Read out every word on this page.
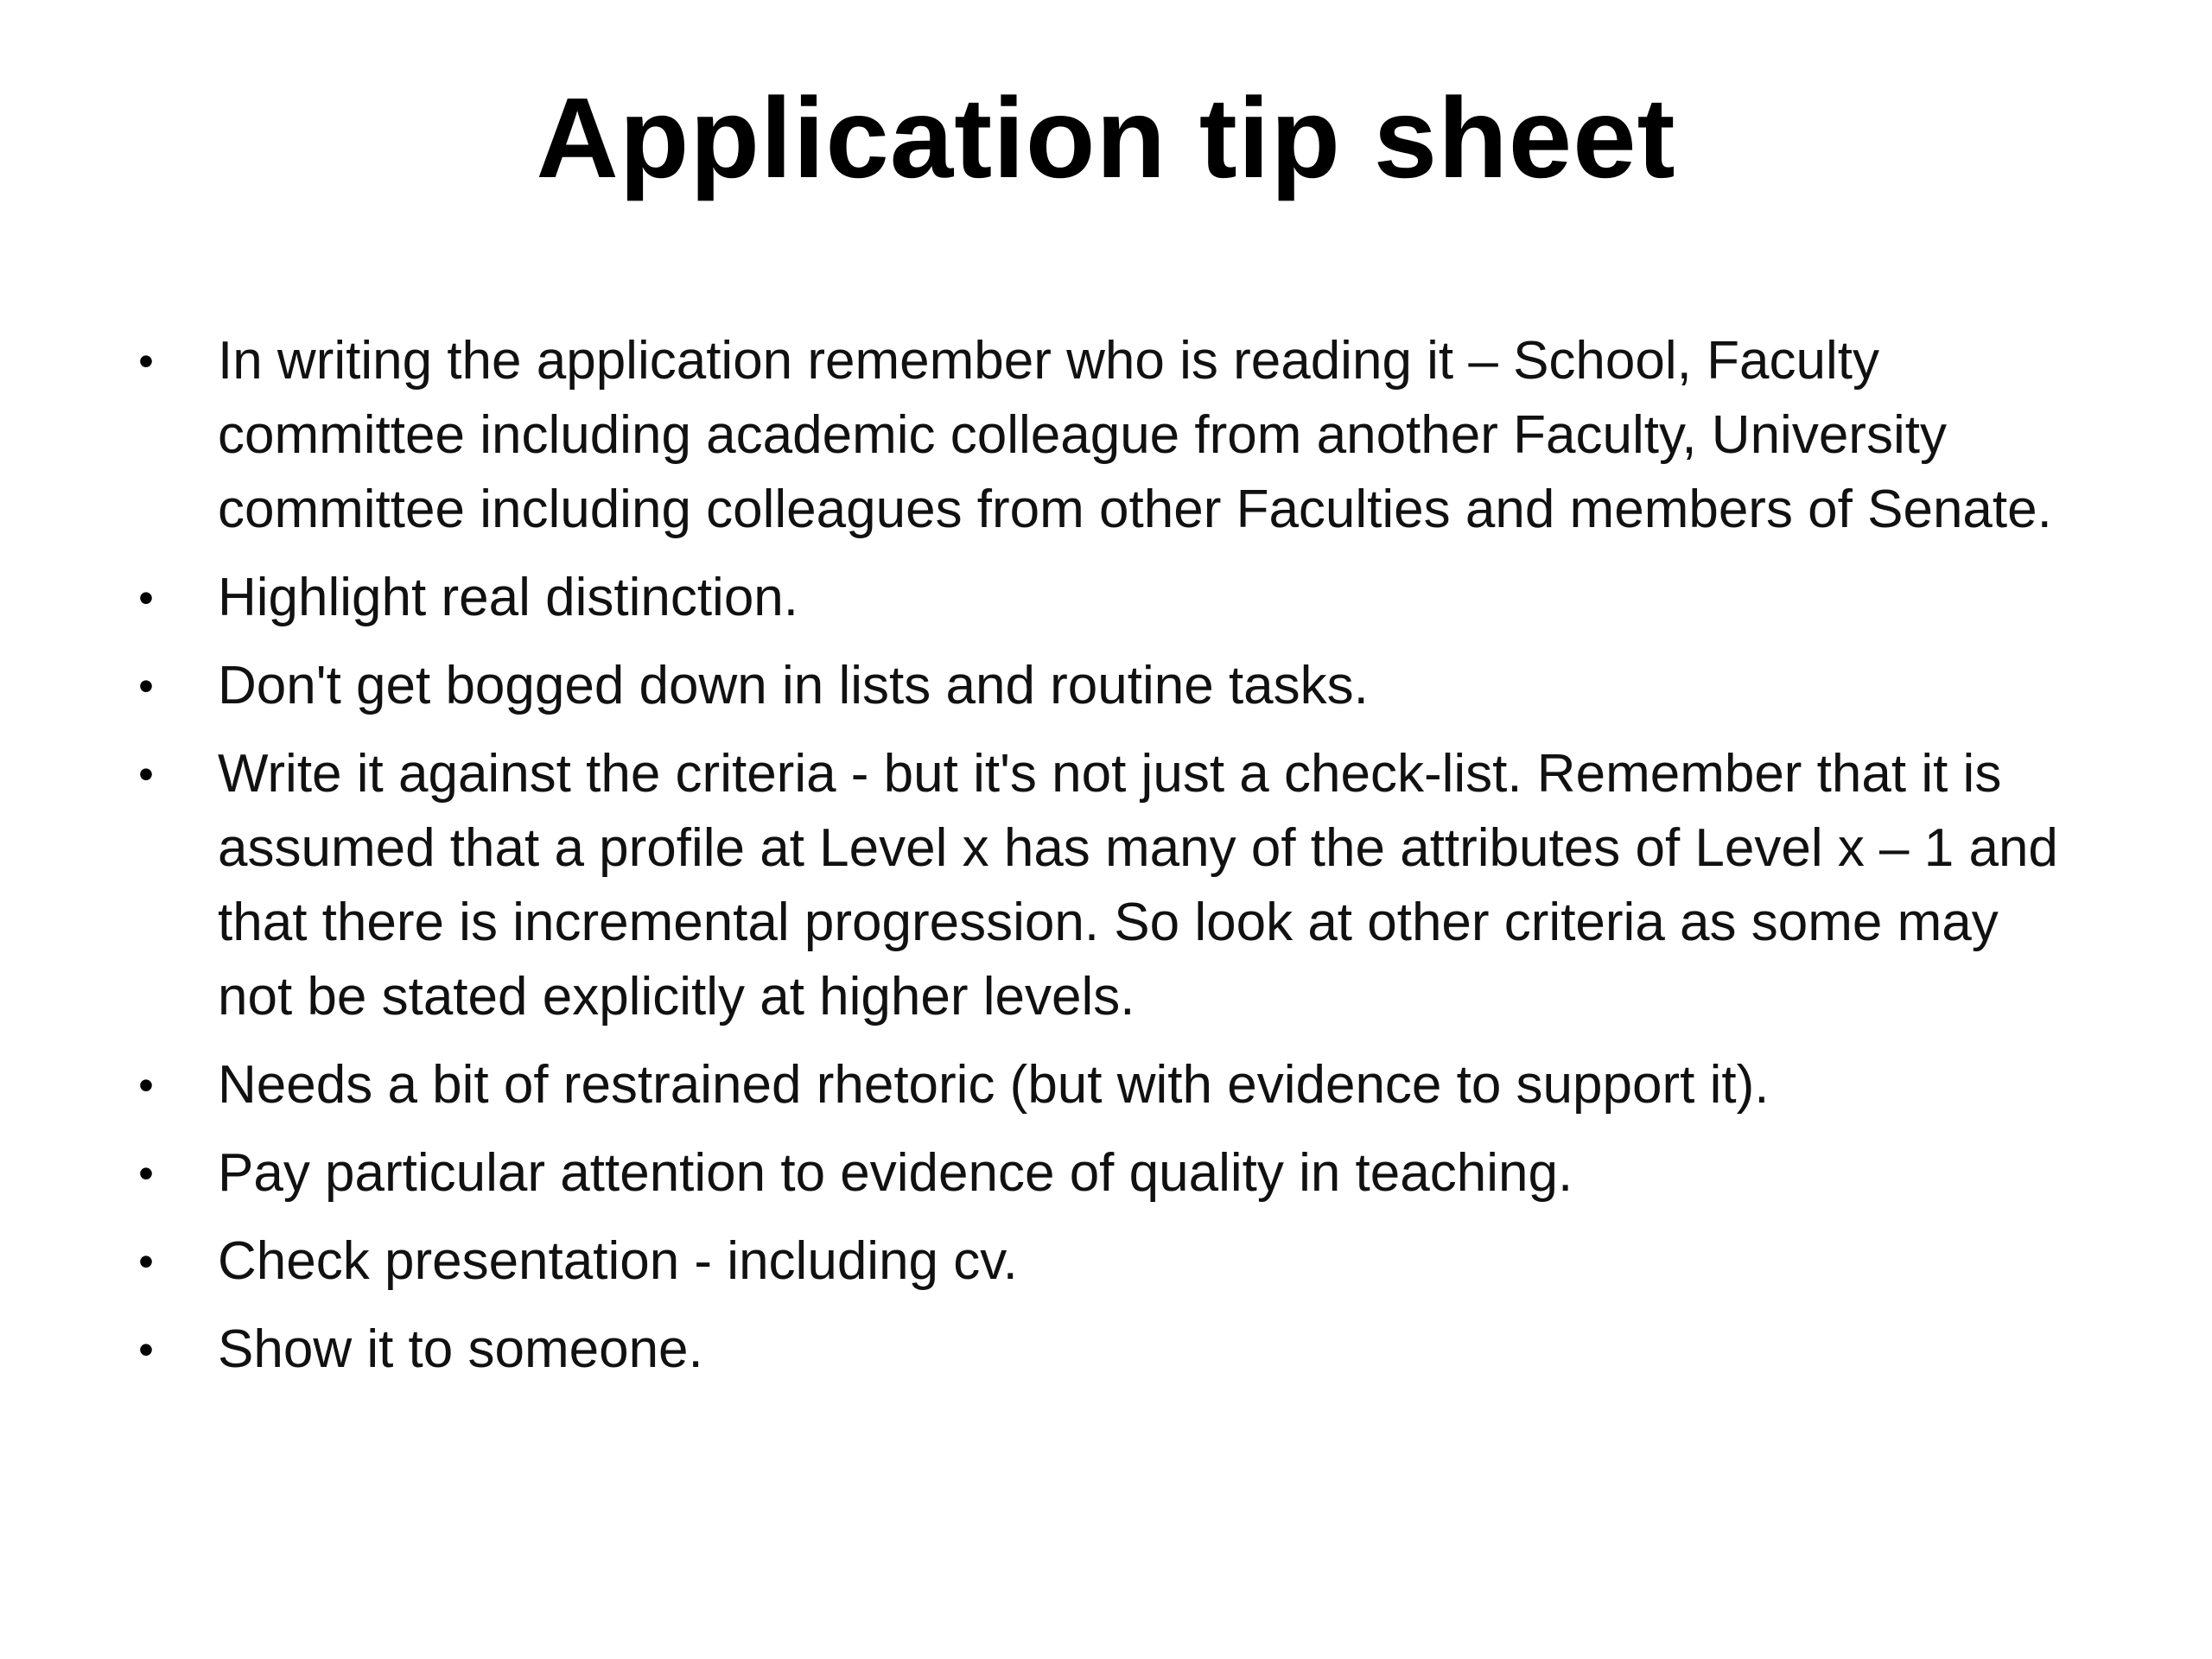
Application tip sheet
• In writing the application remember who is reading it – School, Faculty committee including academic colleague from another Faculty, University committee including colleagues from other Faculties and members of Senate.
• Highlight real distinction.
• Don't get bogged down in lists and routine tasks.
• Write it against the criteria - but it's not just a check-list. Remember that it is assumed that a profile at Level x has many of the attributes of Level x – 1 and that there is incremental progression. So look at other criteria as some may not be stated explicitly at higher levels.
• Needs a bit of restrained rhetoric (but with evidence to support it).
• Pay particular attention to evidence of quality in teaching.
• Check presentation - including cv.
• Show it to someone.
